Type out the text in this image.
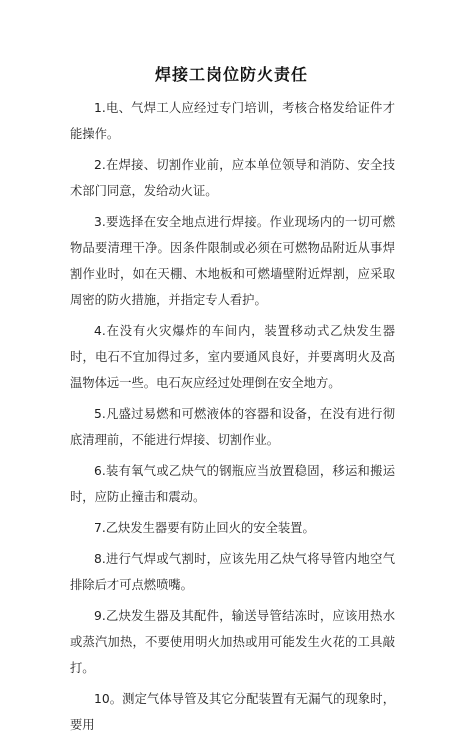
焊接工岗位防火责任

1.电、气焊工人应经过专门培训，考核合格发给证件才能操作。

2.在焊接、切割作业前，应本单位领导和消防、安全技术部门同意，发给动火证。

3.要选择在安全地点进行焊接。作业现场内的一切可燃物品要清理干净。因条件限制或必须在可燃物品附近从事焊割作业时，如在天棚、木地板和可燃墙壁附近焊割，应采取周密的防火措施，并指定专人看护。

4.在没有火灾爆炸的车间内，装置移动式乙炔发生器时，电石不宜加得过多，室内要通风良好，并要离明火及高温物体远一些。电石灰应经过处理倒在安全地方。

5.凡盛过易燃和可燃液体的容器和设备，在没有进行彻底清理前，不能进行焊接、切割作业。

6.装有氧气或乙炔气的钢瓶应当放置稳固，移运和搬运时，应防止撞击和震动。

7.乙炔发生器要有防止回火的安全装置。

8.进行气焊或气割时，应该先用乙炔气将导管内地空气排除后才可点燃喷嘴。

9.乙炔发生器及其配件，输送导管结冻时，应该用热水或蒸汽加热，不要使用明火加热或用可能发生火花的工具敲打。

10。测定气体导管及其它分配装置有无漏气的现象时，要用
